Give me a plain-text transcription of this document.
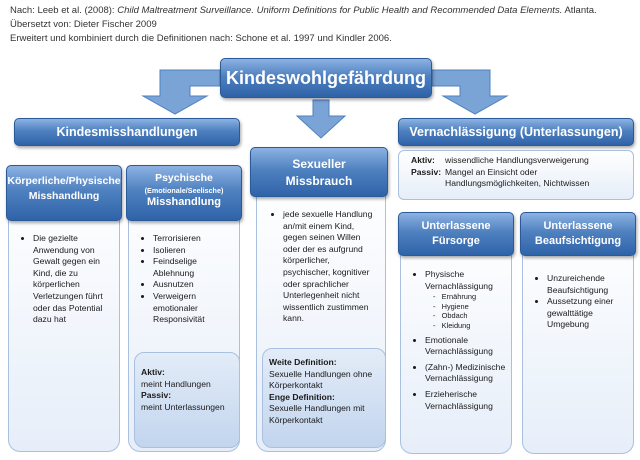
Nach: Leeb et al. (2008): Child Maltreatment Surveillance. Uniform Definitions for Public Health and Recommended Data Elements. Atlanta.
Übersetzt von: Dieter Fischer 2009
Erweitert und kombiniert durch die Definitionen nach: Schone et al. 1997 und Kindler 2006.
Kindeswohlgefährdung
Kindesmisshandlungen (Handlungen)
• Die gezielte Anwendung von Gewalt gegen ein Kind, die zu körperlichen Verletzungen führt oder das Potential dazu hat
Körperliche/Physische
Misshandlung
• Terrorisieren
• Isolieren
• Feindselige Ablehnung
• Ausnutzen
• Verweigern emotionaler Responsivität
Aktiv:
meint Handlungen
Passiv:
meint Unterlassungen
Psychische
(Emotionale/Seelische)
Misshandlung
• jede sexuelle Handlung an/mit einem Kind, gegen seinen Willen oder der es aufgrund körperlicher, psychischer, kognitiver oder sprachlicher Unterlegenheit nicht wissentlich zustimmen kann.
Weite Definition:
Sexuelle Handlungen ohne Körperkontakt
Enge Definition:
Sexuelle Handlungen mit Körperkontakt
Sexueller
Missbrauch
Vernachlässigung (Unterlassungen)
Aktiv:	wissendliche Handlungsverweigerung
Passiv: Mangel an Einsicht oder Handlungsmöglichkeiten, Nichtwissen
• Physische Vernachlässigung
-   Ernährung
-   Hygiene
-   Obdach
-   Kleidung
• Emotionale Vernachlässigung
• (Zahn-) Medizinische Vernachlässigung
• Erzieherische Vernachlässigung
Unterlassene
Fürsorge
• Unzureichende Beaufsichtigung
• Aussetzung einer gewalttätige Umgebung
Unterlassene
Beaufsichtigung
